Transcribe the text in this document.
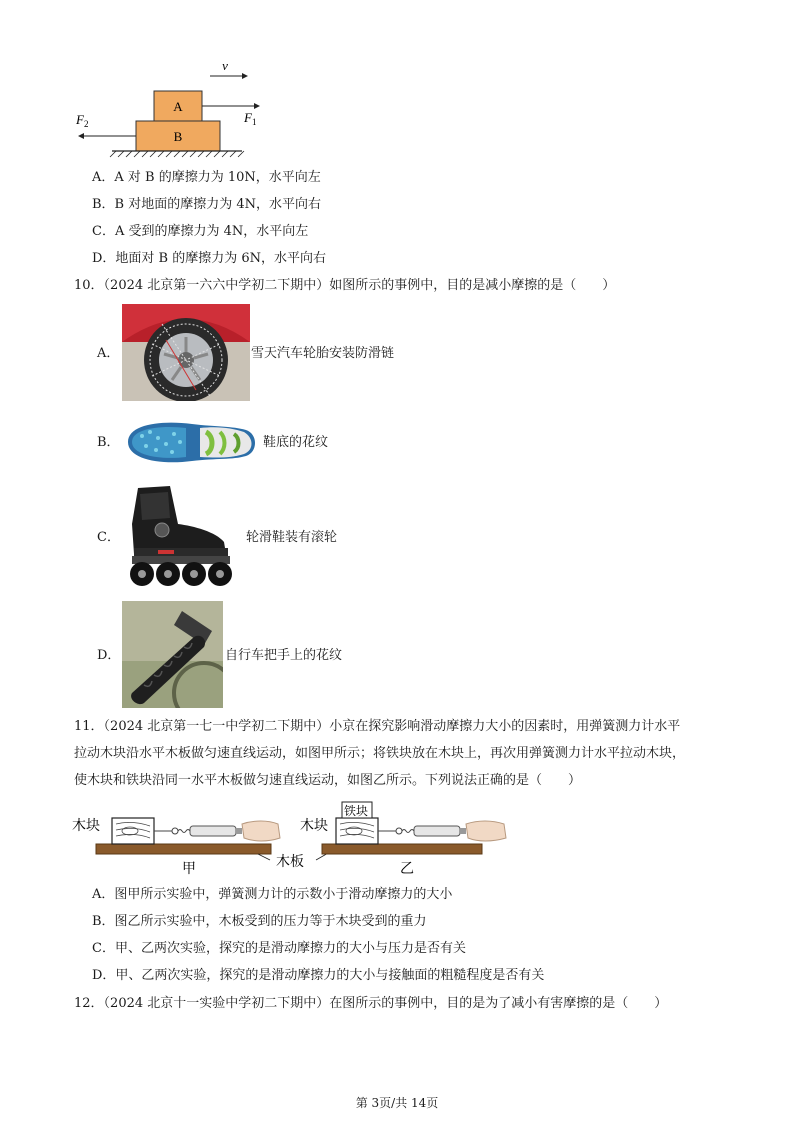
v
A
B
$F_1$
$F_2$
A．A 对 B 的摩擦力为 10N，水平向左
B．B 对地面的摩擦力为 4N，水平向右
C．A 受到的摩擦力为 4N，水平向左
D．地面对 B 的摩擦力为 6N，水平向右
10．（2024 北京第一六六中学初二下期中）如图所示的事例中，目的是减小摩擦的是（　　）
A．	雪天汽车轮胎安装防滑链
B．	鞋底的花纹
C．	轮滑鞋装有滚轮
D．	自行车把手上的花纹
11．（2024 北京第一七一中学初二下期中）小京在探究影响滑动摩擦力大小的因素时，用弹簧测力计水平
拉动木块沿水平木板做匀速直线运动，如图甲所示；将铁块放在木块上，再次用弹簧测力计水平拉动木块，
使木块和铁块沿同一水平木板做匀速直线运动，如图乙所示。下列说法正确的是（　　）
木块
甲	木板
铁块
木块
乙
A．图甲所示实验中，弹簧测力计的示数小于滑动摩擦力的大小
B．图乙所示实验中，木板受到的压力等于木块受到的重力
C．甲、乙两次实验，探究的是滑动摩擦力的大小与压力是否有关
D．甲、乙两次实验，探究的是滑动摩擦力的大小与接触面的粗糙程度是否有关
12．（2024 北京十一实验中学初二下期中）在图所示的事例中，目的是为了减小有害摩擦的是（　　）
第 3页/共 14页
